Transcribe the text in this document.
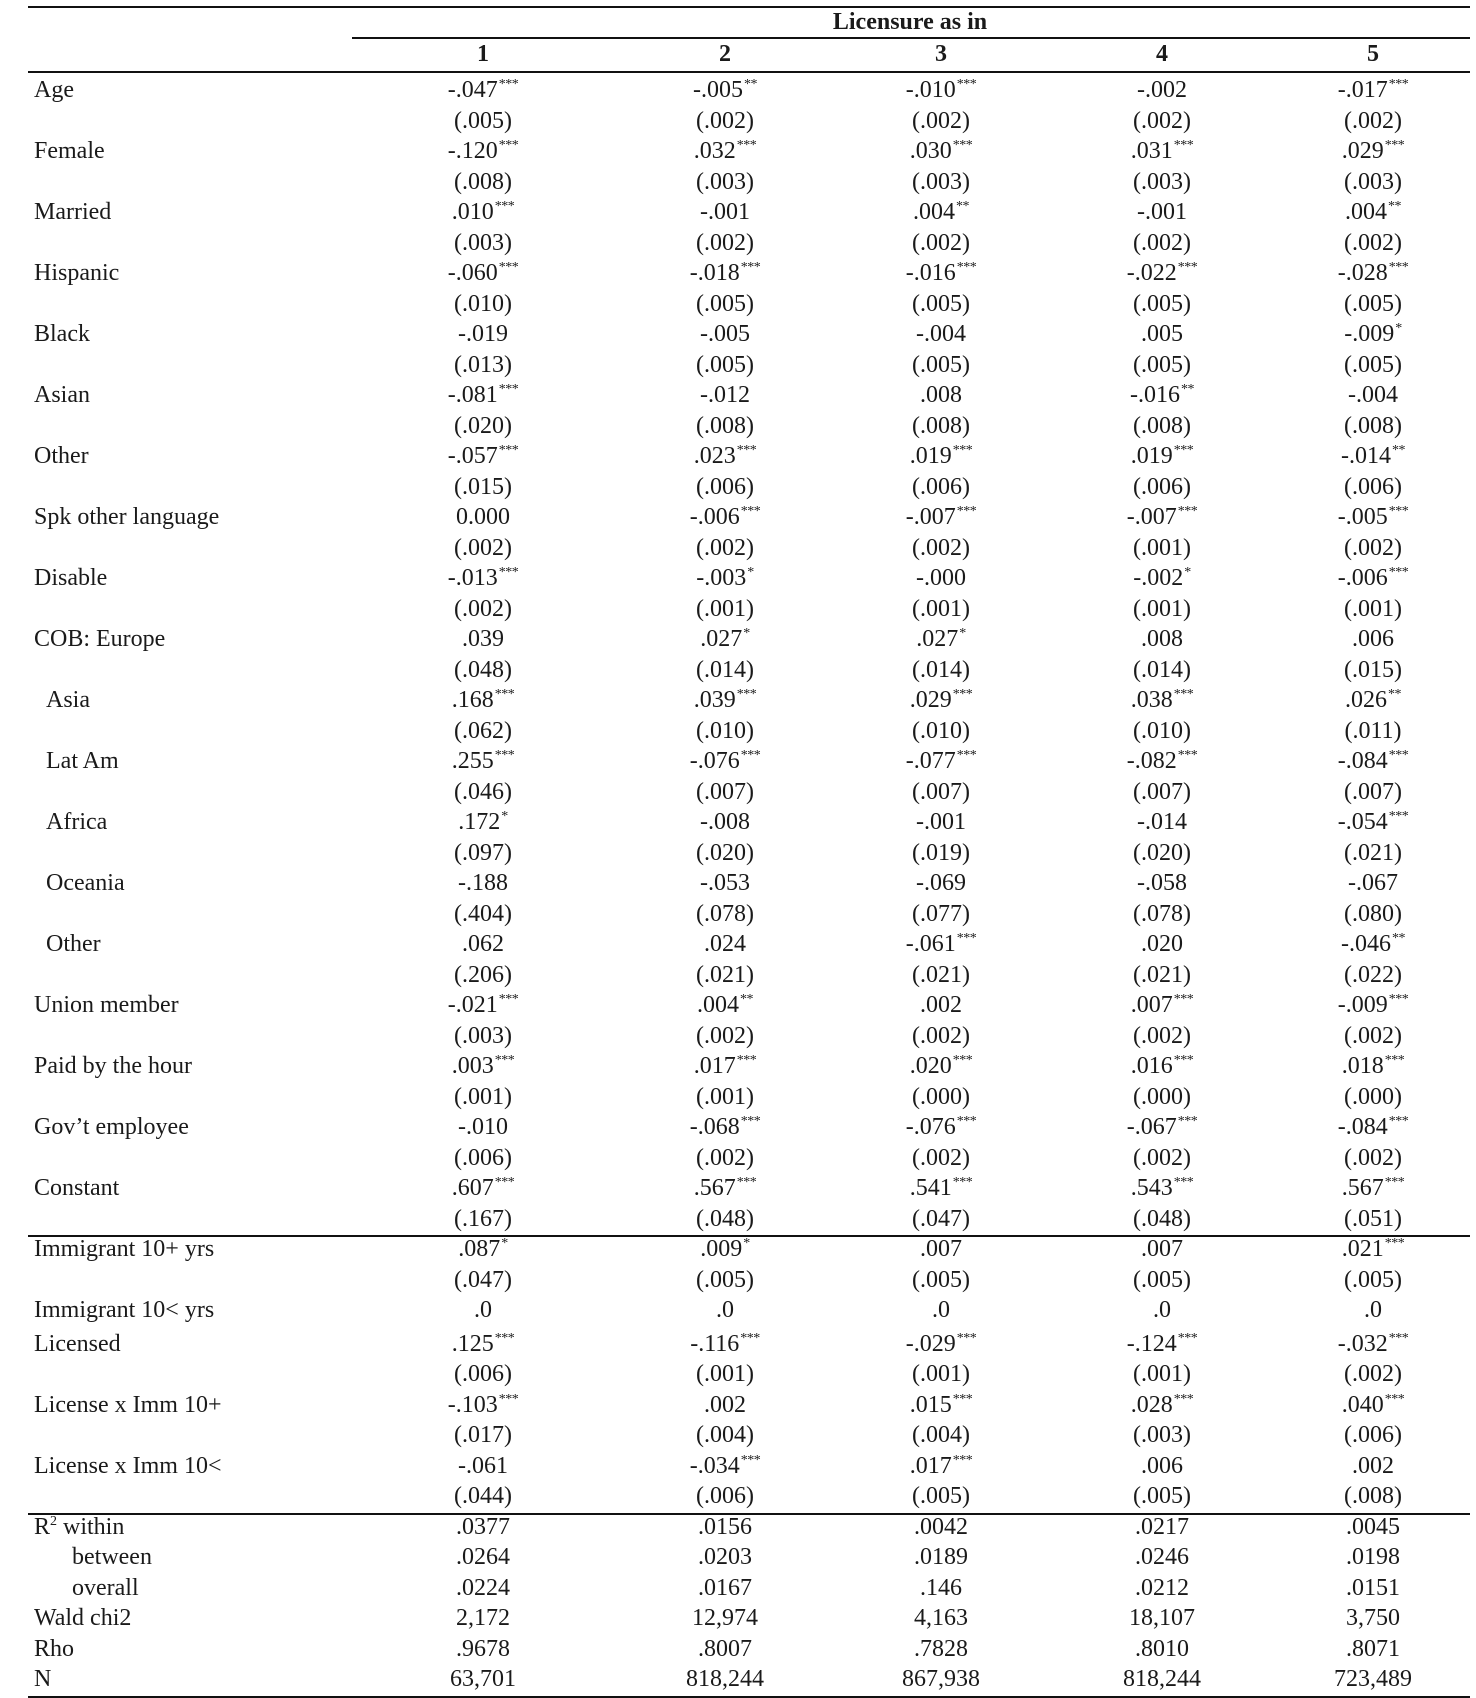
Licensure as in
1	2	3	4	5
Age	-.047***	-.005**	-.010***	-.002	-.017***
(.005)	(.002)	(.002)	(.002)	(.002)
Female	-.120***	.032***	.030***	.031***	.029***
(.008)	(.003)	(.003)	(.003)	(.003)
Married	.010***	-.001	.004**	-.001	.004**
(.003)	(.002)	(.002)	(.002)	(.002)
Hispanic	-.060***	-.018***	-.016***	-.022***	-.028***
(.010)	(.005)	(.005)	(.005)	(.005)
Black	-.019	-.005	-.004	.005	-.009*
(.013)	(.005)	(.005)	(.005)	(.005)
Asian	-.081***	-.012	.008	-.016**	-.004
(.020)	(.008)	(.008)	(.008)	(.008)
Other	-.057***	.023***	.019***	.019***	-.014**
(.015)	(.006)	(.006)	(.006)	(.006)
Spk other language	0.000	-.006***	-.007***	-.007***	-.005***
(.002)	(.002)	(.002)	(.001)	(.002)
Disable	-.013***	-.003*	-.000	-.002*	-.006***
(.002)	(.001)	(.001)	(.001)	(.001)
COB: Europe	.039	.027*	.027*	.008	.006
(.048)	(.014)	(.014)	(.014)	(.015)
Asia	.168***	.039***	.029***	.038***	.026**
(.062)	(.010)	(.010)	(.010)	(.011)
Lat Am	.255***	-.076***	-.077***	-.082***	-.084***
(.046)	(.007)	(.007)	(.007)	(.007)
Africa	.172*	-.008	-.001	-.014	-.054***
(.097)	(.020)	(.019)	(.020)	(.021)
Oceania	-.188	-.053	-.069	-.058	-.067
(.404)	(.078)	(.077)	(.078)	(.080)
Other	.062	.024	-.061***	.020	-.046**
(.206)	(.021)	(.021)	(.021)	(.022)
Union member	-.021***	.004**	.002	.007***	-.009***
(.003)	(.002)	(.002)	(.002)	(.002)
Paid by the hour	.003***	.017***	.020***	.016***	.018***
(.001)	(.001)	(.000)	(.000)	(.000)
Gov’t employee	-.010	-.068***	-.076***	-.067***	-.084***
(.006)	(.002)	(.002)	(.002)	(.002)
Constant	.607***	.567***	.541***	.543***	.567***
(.167)	(.048)	(.047)	(.048)	(.051)
Immigrant 10+ yrs	.087*	.009*	.007	.007	.021***
(.047)	(.005)	(.005)	(.005)	(.005)
Immigrant 10< yrs	.0	.0	.0	.0	.0
Licensed	.125***	-.116***	-.029***	-.124***	-.032***
(.006)	(.001)	(.001)	(.001)	(.002)
License x Imm 10+	-.103***	.002	.015***	.028***	.040***
(.017)	(.004)	(.004)	(.003)	(.006)
License x Imm 10<	-.061	-.034***	.017***	.006	.002
(.044)	(.006)	(.005)	(.005)	(.008)
$R^2$ within	.0377	.0156	.0042	.0217	.0045
between	.0264	.0203	.0189	.0246	.0198
overall	.0224	.0167	.146	.0212	.0151
Wald chi2	2,172	12,974	4,163	18,107	3,750
Rho	.9678	.8007	.7828	.8010	.8071
N	63,701	818,244	867,938	818,244	723,489
